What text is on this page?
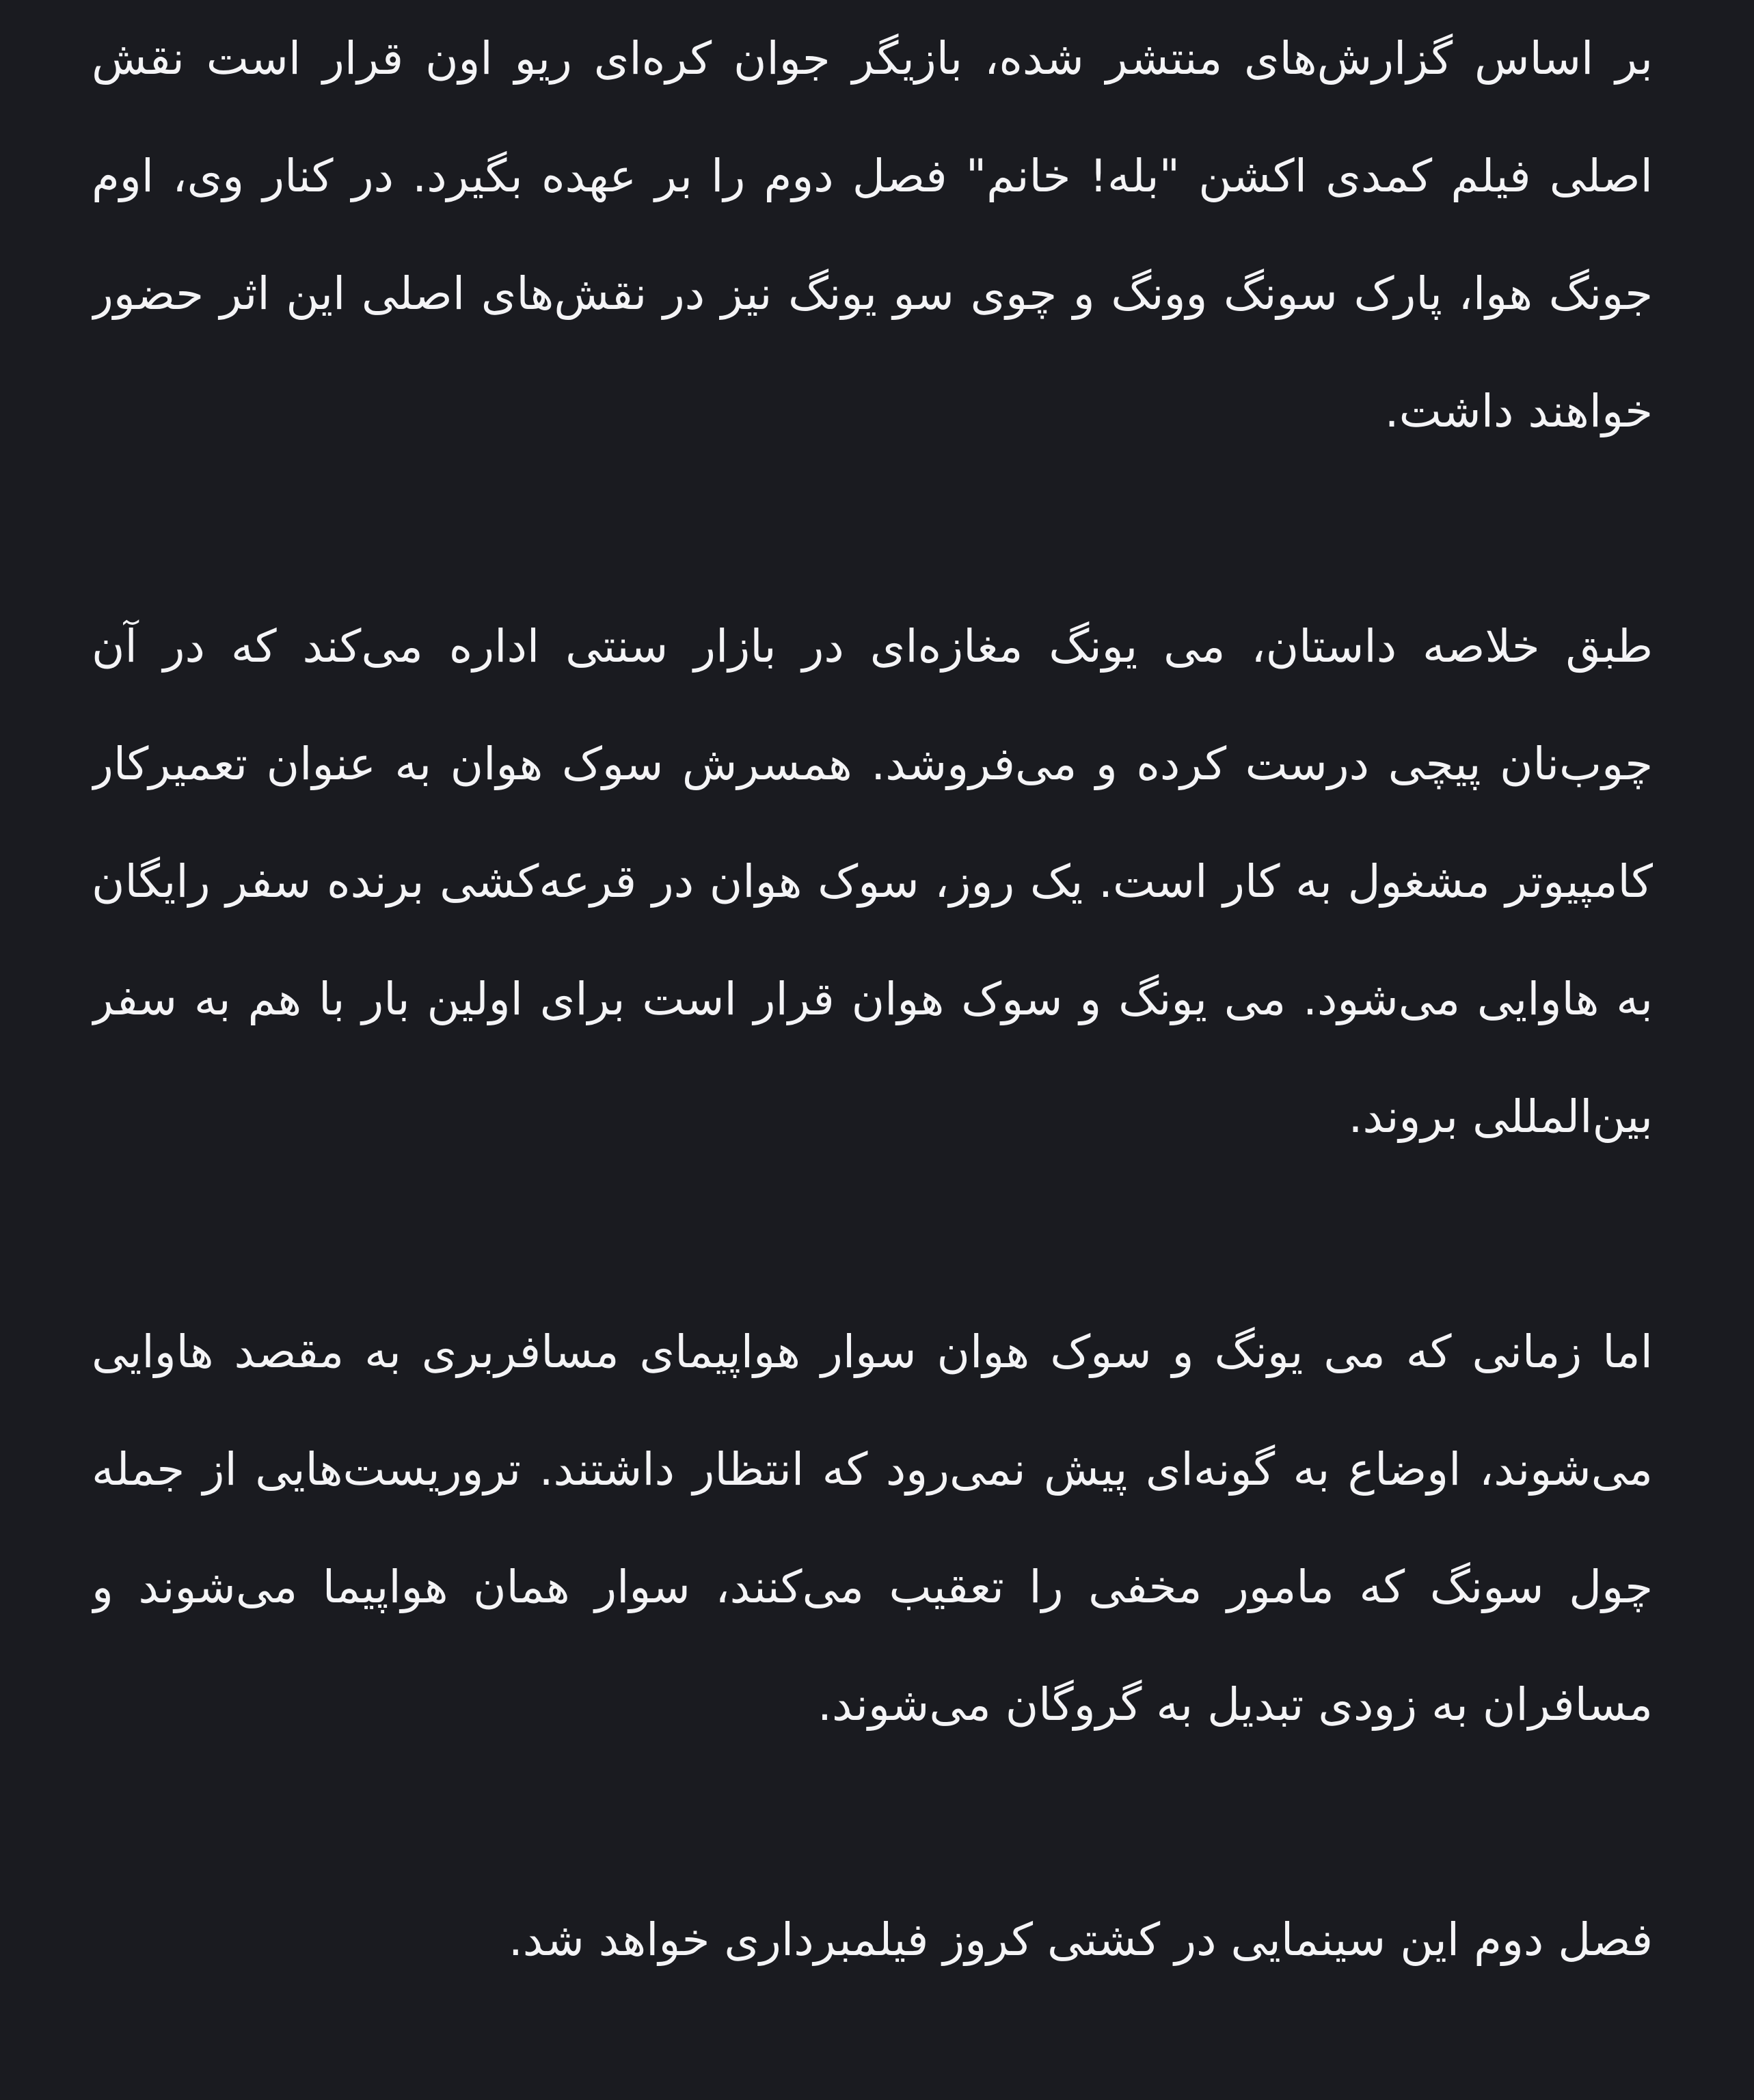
بر اساس گزارش‌های منتشر شده، بازیگر جوان کره‌ای ریو اون قرار است نقش اصلی فیلم کمدی اکشن "بله! خانم" فصل دوم را بر عهده بگیرد. در کنار وی، اوم جونگ هوا، پارک سونگ وونگ و چوی سو یونگ نیز در نقش‌های اصلی این اثر حضور خواهند داشت.

طبق خلاصه داستان، می یونگ مغازه‌ای در بازار سنتی اداره می‌کند که در آن چوب‌نان پیچی درست کرده و می‌فروشد. همسرش سوک هوان به عنوان تعمیرکار کامپیوتر مشغول به کار است. یک روز، سوک هوان در قرعه‌کشی برنده سفر رایگان به هاوایی می‌شود. می یونگ و سوک هوان قرار است برای اولین بار با هم به سفر بین‌المللی بروند.

اما زمانی که می یونگ و سوک هوان سوار هواپیمای مسافربری به مقصد هاوایی می‌شوند، اوضاع به گونه‌ای پیش نمی‌رود که انتظار داشتند. تروریست‌هایی از جمله چول سونگ که مامور مخفی را تعقیب می‌کنند، سوار همان هواپیما می‌شوند و مسافران به زودی تبدیل به گروگان می‌شوند.

فصل دوم این سینمایی در کشتی کروز فیلمبرداری خواهد شد.
